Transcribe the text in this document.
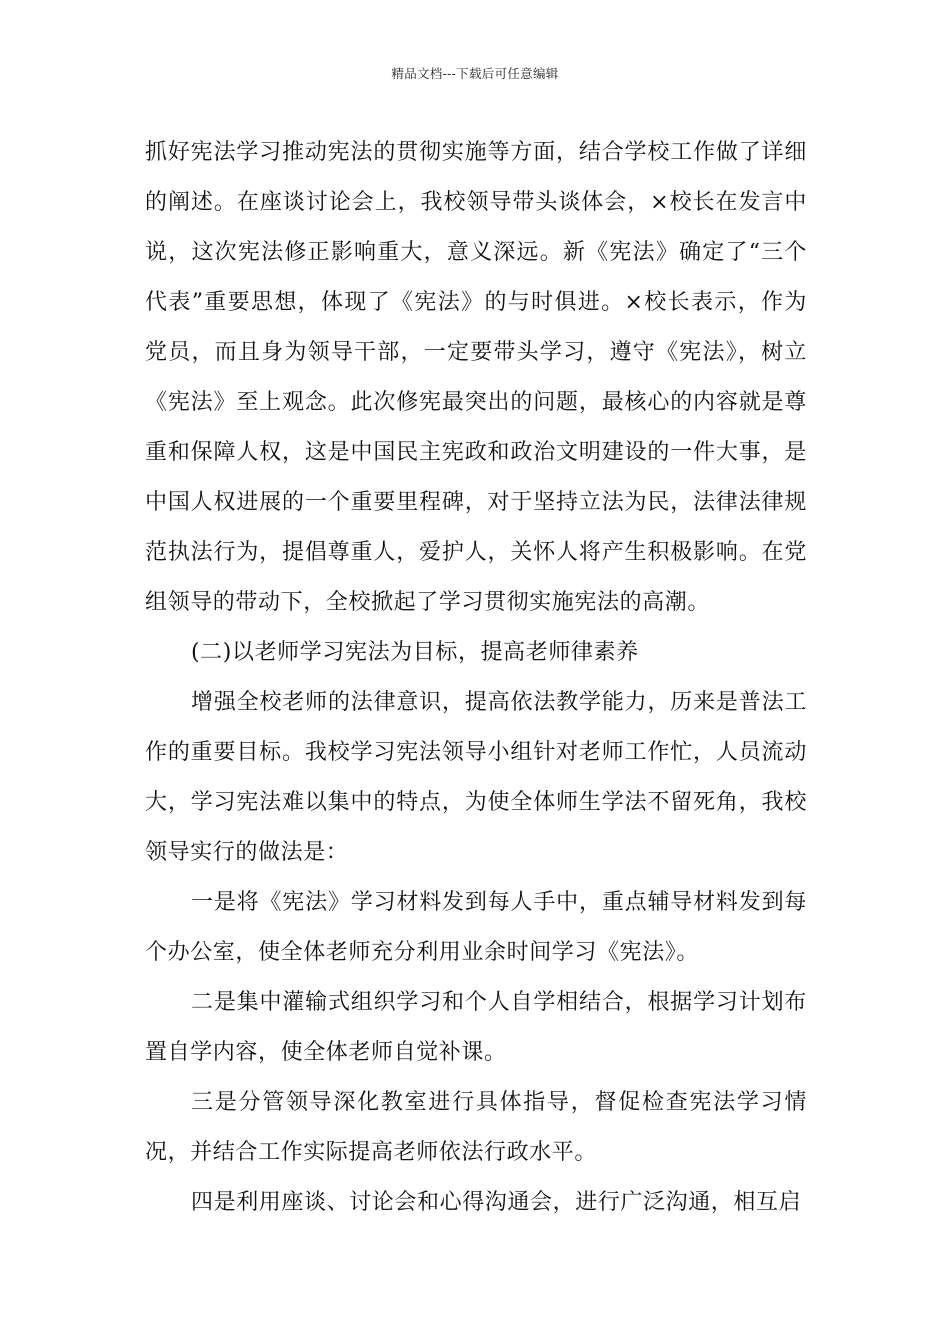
精品文档---下载后可任意编辑

抓好宪法学习推动宪法的贯彻实施等方面，结合学校工作做了详细的阐述。在座谈讨论会上，我校领导带头谈体会，×校长在发言中说，这次宪法修正影响重大，意义深远。新《宪法》确定了“三个代表”重要思想，体现了《宪法》的与时俱进。×校长表示，作为党员，而且身为领导干部，一定要带头学习，遵守《宪法》，树立《宪法》至上观念。此次修宪最突出的问题，最核心的内容就是尊重和保障人权，这是中国民主宪政和政治文明建设的一件大事，是中国人权进展的一个重要里程碑，对于坚持立法为民，法律法律规范执法行为，提倡尊重人，爱护人，关怀人将产生积极影响。在党组领导的带动下，全校掀起了学习贯彻实施宪法的高潮。

(二)以老师学习宪法为目标，提高老师律素养

增强全校老师的法律意识，提高依法教学能力，历来是普法工作的重要目标。我校学习宪法领导小组针对老师工作忙，人员流动大，学习宪法难以集中的特点，为使全体师生学法不留死角，我校领导实行的做法是：

一是将《宪法》学习材料发到每人手中，重点辅导材料发到每个办公室，使全体老师充分利用业余时间学习《宪法》。

二是集中灌输式组织学习和个人自学相结合，根据学习计划布置自学内容，使全体老师自觉补课。

三是分管领导深化教室进行具体指导，督促检查宪法学习情况，并结合工作实际提高老师依法行政水平。

四是利用座谈、讨论会和心得沟通会，进行广泛沟通，相互启
